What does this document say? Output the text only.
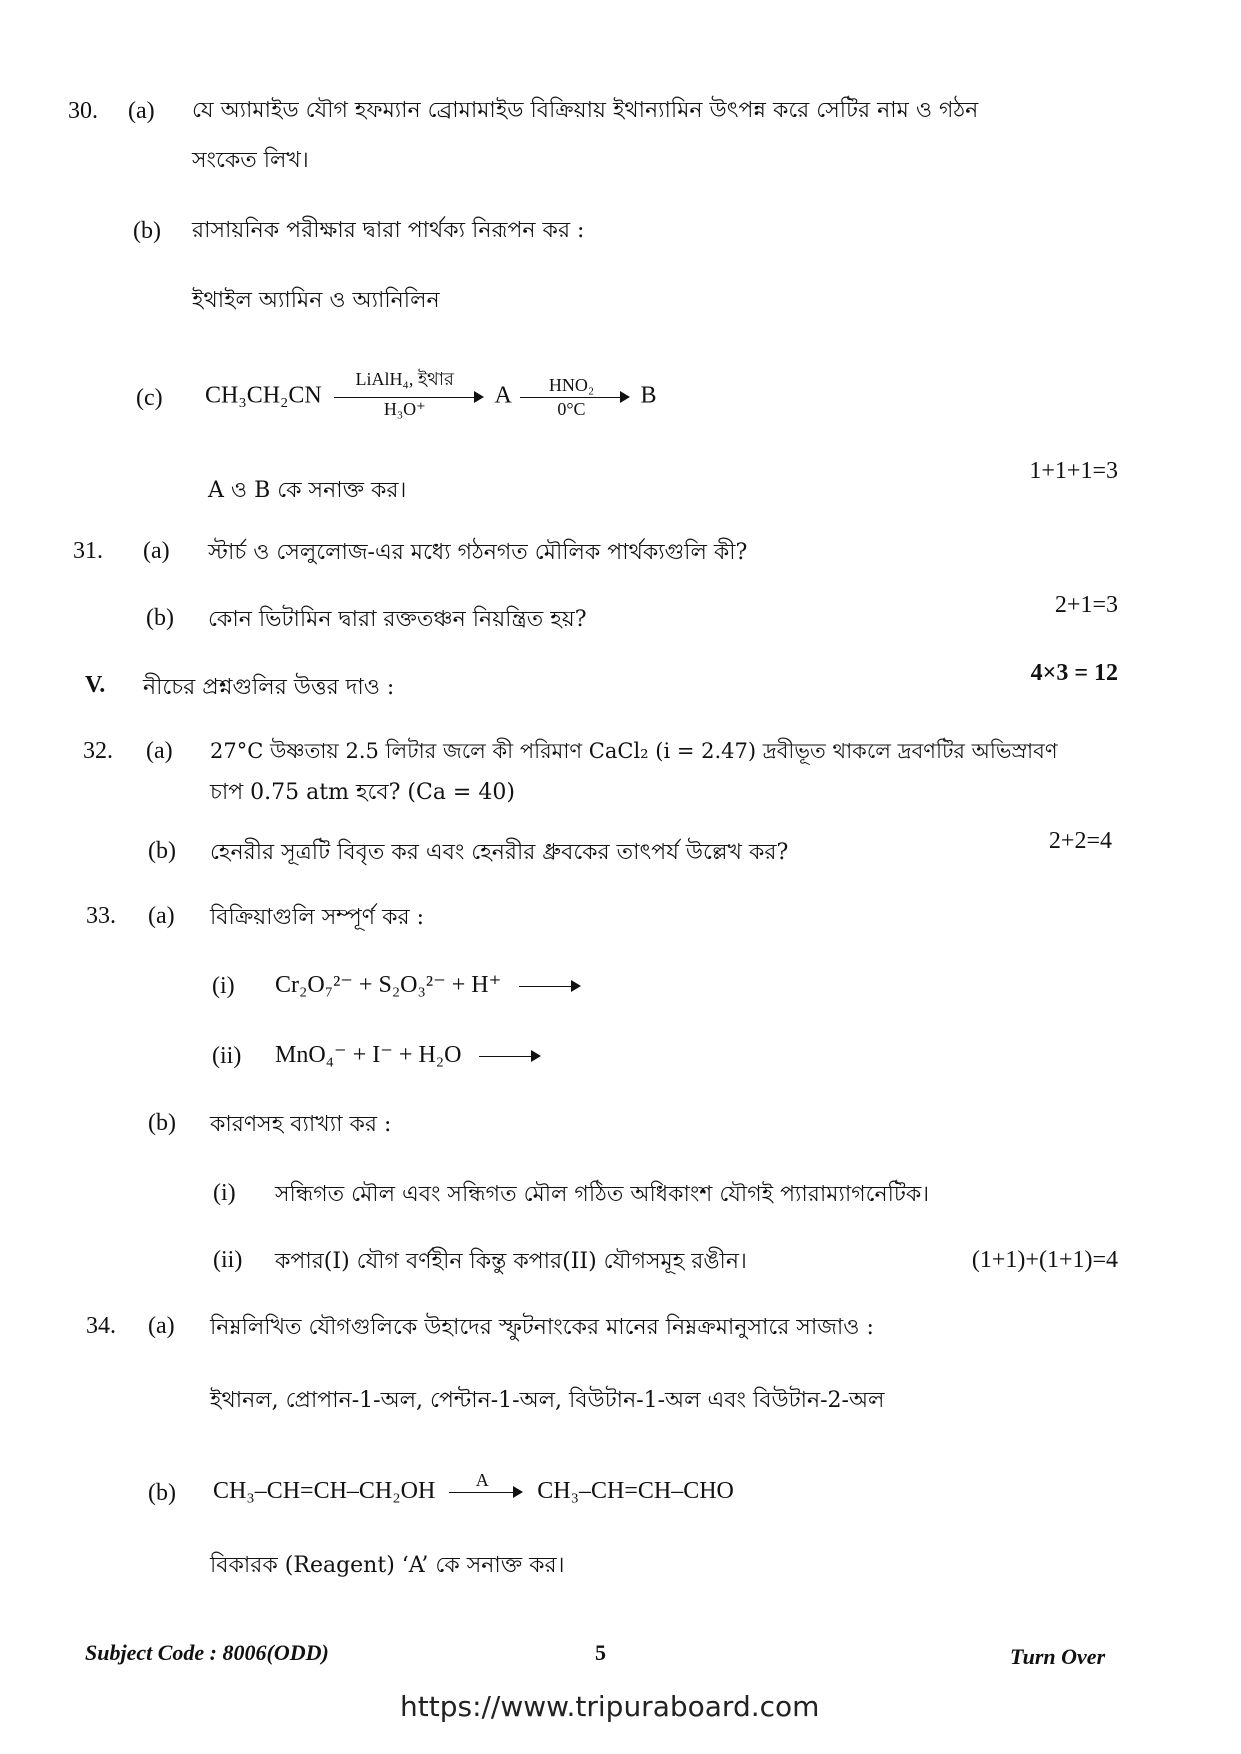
30. (a) যে অ্যামাইড যৌগ হফম্যান ব্রোমামাইড বিক্রিয়ায় ইথান্যামিন উৎপন্ন করে সেটির নাম ও গঠন
সংকেত লিখ।
(b) রাসায়নিক পরীক্ষার দ্বারা পার্থক্য নিরূপন কর :
ইথাইল অ্যামিন ও অ্যানিলিন
(c) CH₃CH₂CN
LiAlH₄, ইথার
H₃O⁺	A	HNO₂
0°C	B
A ও B কে সনাক্ত কর।
1+1+1=3
31. (a) স্টার্চ ও সেলুলোজ-এর মধ্যে গঠনগত মৌলিক পার্থক্যগুলি কী?
(b) কোন ভিটামিন দ্বারা রক্ততঞ্চন নিয়ন্ত্রিত হয়?
2+1=3
V. নীচের প্রশ্নগুলির উত্তর দাও :
4×3 = 12
32. (a) 27°C উষ্ণতায় 2.5 লিটার জলে কী পরিমাণ CaCl₂ (i = 2.47) দ্রবীভূত থাকলে দ্রবণটির অভিস্রাবণ
চাপ 0.75 atm হবে? (Ca = 40)
(b) হেনরীর সূত্রটি বিবৃত কর এবং হেনরীর ধ্রুবকের তাৎপর্য উল্লেখ কর?	2+2=4
33. (a) বিক্রিয়াগুলি সম্পূর্ণ কর :
(i) Cr₂O₇²⁻ + S₂O₃²⁻ + H⁺
(ii) MnO₄⁻ + I⁻ + H₂O
(b) কারণসহ ব্যাখ্যা কর :
(i) সন্ধিগত মৌল এবং সন্ধিগত মৌল গঠিত অধিকাংশ যৌগই প্যারাম্যাগনেটিক।
(ii) কপার(I) যৌগ বর্ণহীন কিন্তু কপার(II) যৌগসমূহ রঙীন।	(1+1)+(1+1)=4
34. (a) নিম্নলিখিত যৌগগুলিকে উহাদের স্ফুটনাংকের মানের নিম্নক্রমানুসারে সাজাও :
ইথানল, প্রোপান-1-অল, পেন্টান-1-অল, বিউটান-1-অল এবং বিউটান-2-অল
(b) CH₃–CH=CH–CH₂OH	A	CH₃–CH=CH–CHO
বিকারক (Reagent) ‘A’ কে সনাক্ত কর।
Subject Code : 8006(ODD)	5	Turn Over
https://www.tripuraboard.com
